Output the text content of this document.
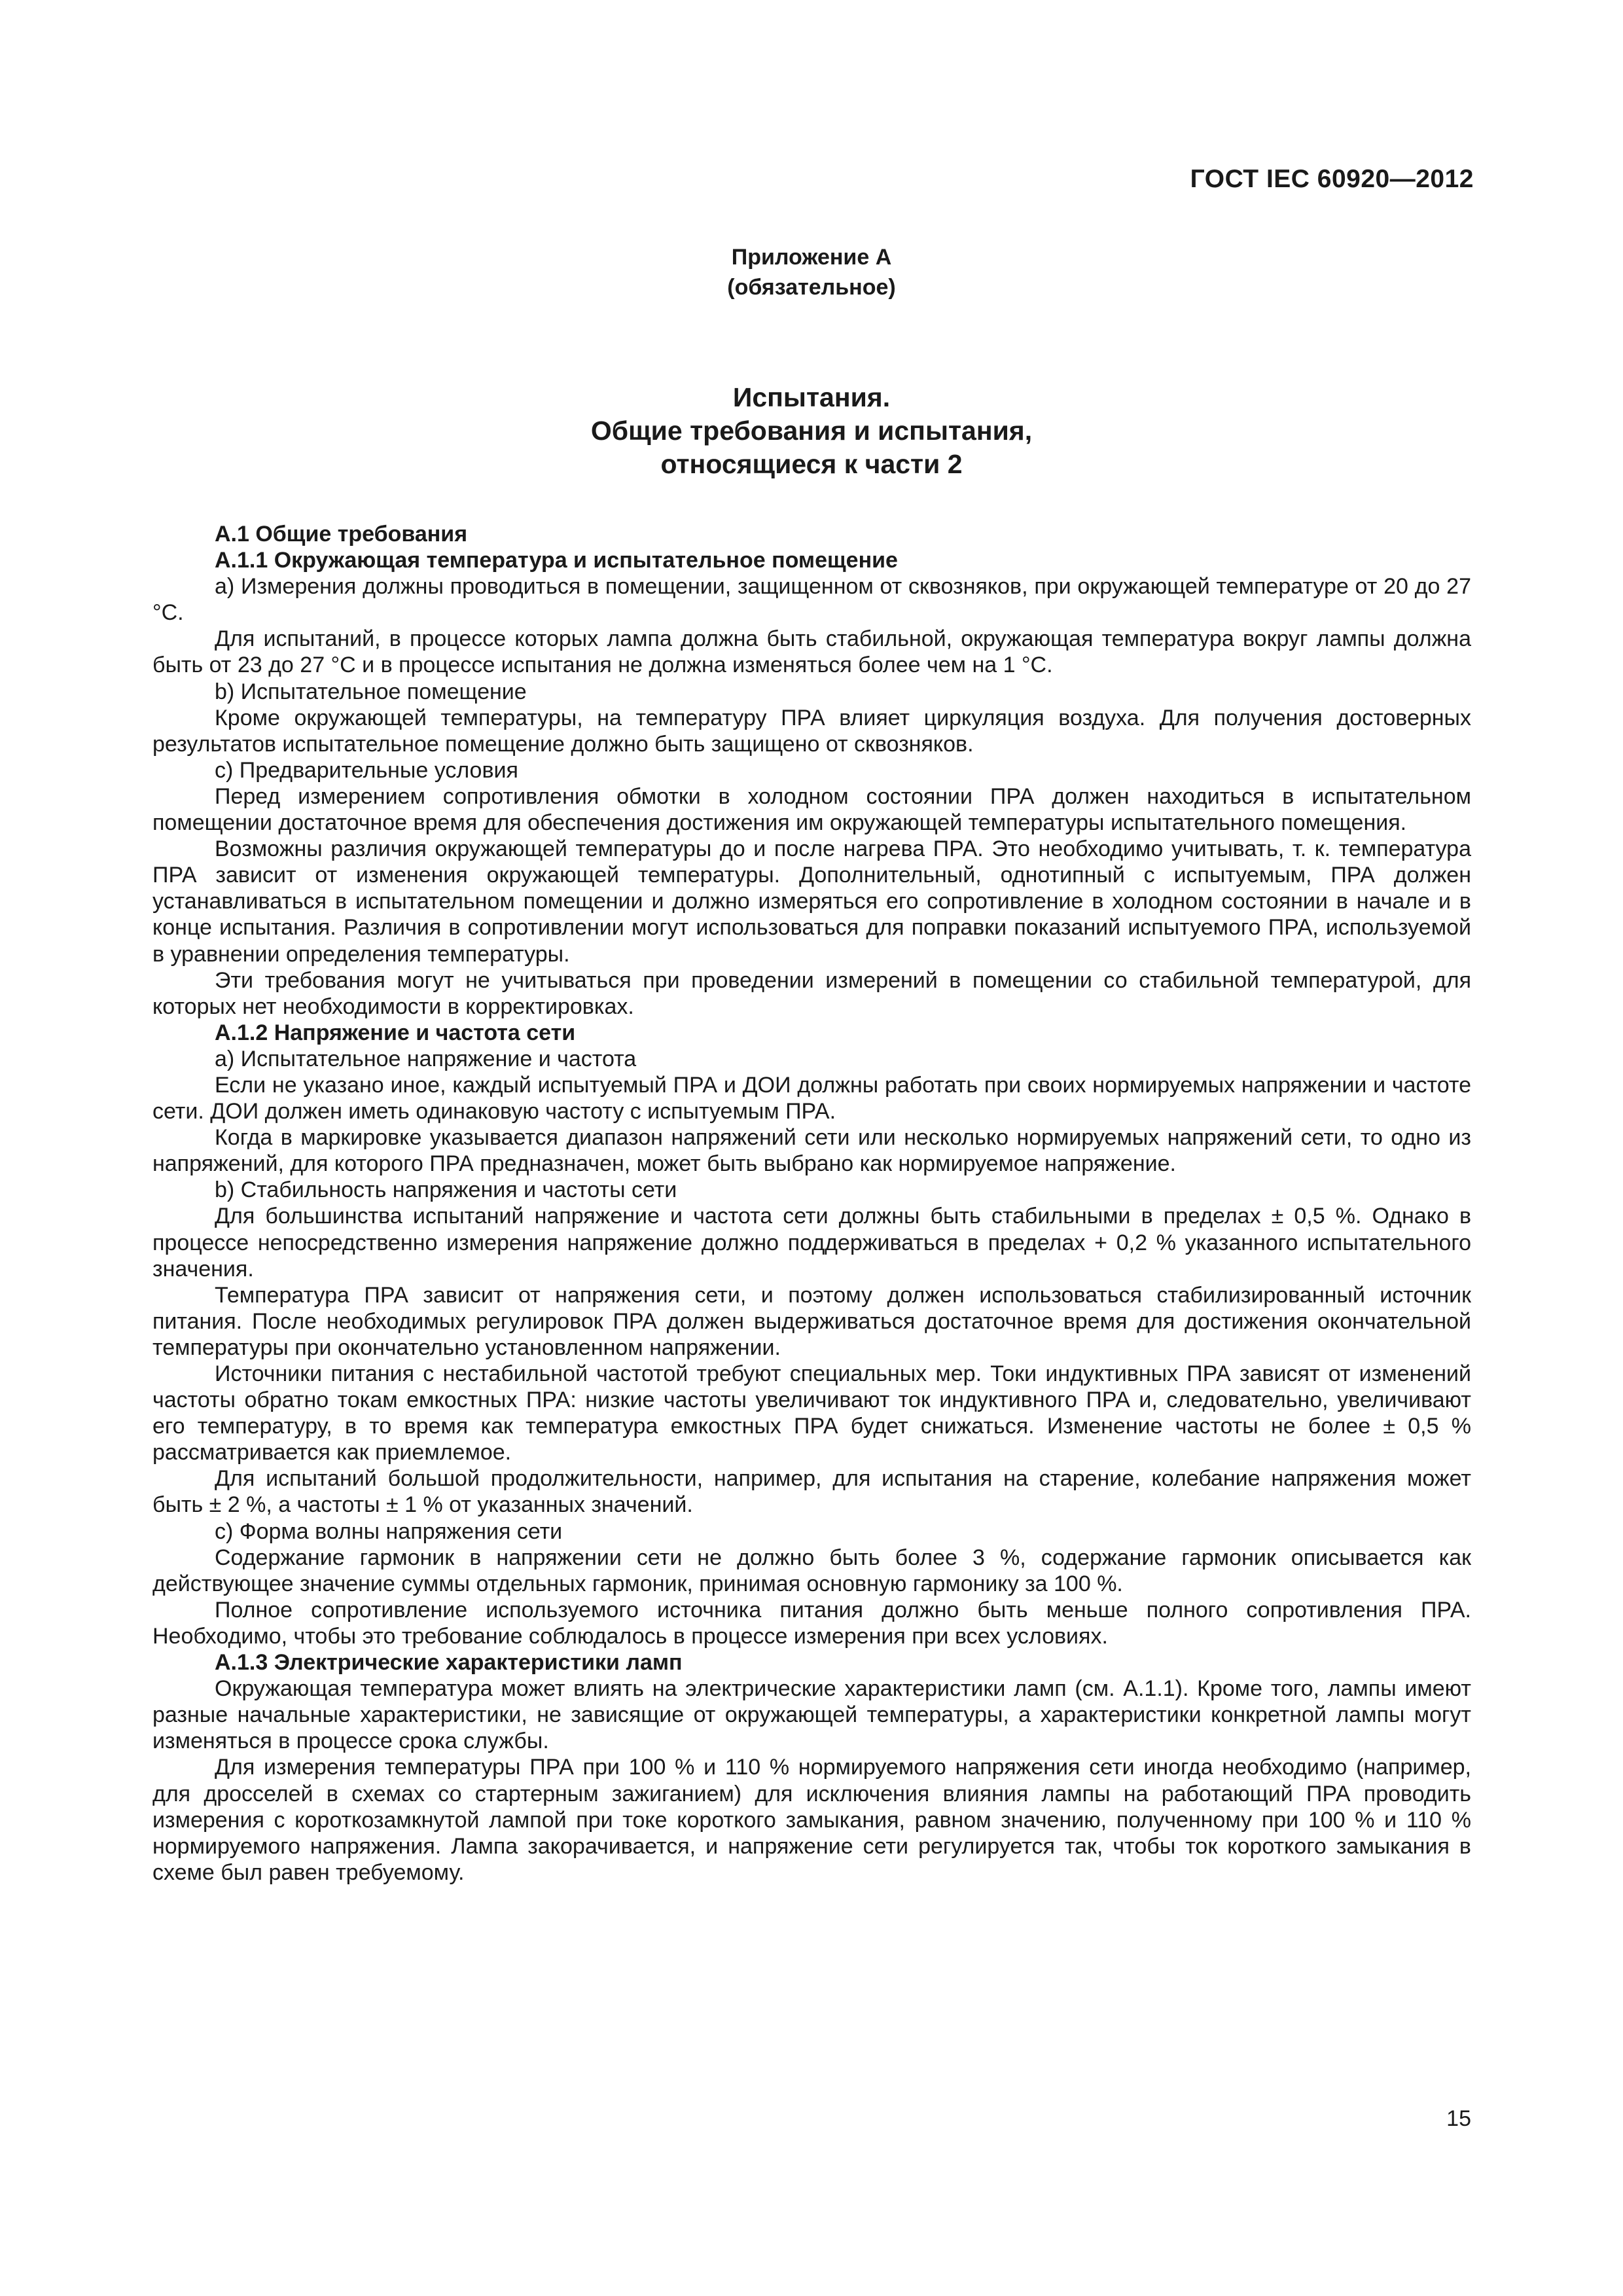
ГОСТ IEC 60920—2012
Приложение А
(обязательное)
Испытания.
Общие требования и испытания,
относящиеся к части 2

А.1 Общие требования

А.1.1 Окружающая температура и испытательное помещение

а) Измерения должны проводиться в помещении, защищенном от сквозняков, при окружающей температуре от 20 до 27 °С.

Для испытаний, в процессе которых лампа должна быть стабильной, окружающая температура вокруг лампы должна быть от 23 до 27 °С и в процессе испытания не должна изменяться более чем на 1 °С.

b) Испытательное помещение

Кроме окружающей температуры, на температуру ПРА влияет циркуляция воздуха. Для получения достоверных результатов испытательное помещение должно быть защищено от сквозняков.

c) Предварительные условия

Перед измерением сопротивления обмотки в холодном состоянии ПРА должен находиться в испытательном помещении достаточное время для обеспечения достижения им окружающей температуры испытательного помещения.

Возможны различия окружающей температуры до и после нагрева ПРА. Это необходимо учитывать, т. к. температура ПРА зависит от изменения окружающей температуры. Дополнительный, однотипный с испытуемым, ПРА должен устанавливаться в испытательном помещении и должно измеряться его сопротивление в холодном состоянии в начале и в конце испытания. Различия в сопротивлении могут использоваться для поправки показаний испытуемого ПРА, используемой в уравнении определения температуры.

Эти требования могут не учитываться при проведении измерений в помещении со стабильной температурой, для которых нет необходимости в корректировках.

А.1.2 Напряжение и частота сети

а) Испытательное напряжение и частота

Если не указано иное, каждый испытуемый ПРА и ДОИ должны работать при своих нормируемых напряжении и частоте сети. ДОИ должен иметь одинаковую частоту с испытуемым ПРА.

Когда в маркировке указывается диапазон напряжений сети или несколько нормируемых напряжений сети, то одно из напряжений, для которого ПРА предназначен, может быть выбрано как нормируемое напряжение.

b) Стабильность напряжения и частоты сети

Для большинства испытаний напряжение и частота сети должны быть стабильными в пределах ± 0,5 %. Однако в процессе непосредственно измерения напряжение должно поддерживаться в пределах + 0,2 % указанного испытательного значения.

Температура ПРА зависит от напряжения сети, и поэтому должен использоваться стабилизированный источник питания. После необходимых регулировок ПРА должен выдерживаться достаточное время для достижения окончательной температуры при окончательно установленном напряжении.

Источники питания с нестабильной частотой требуют специальных мер. Токи индуктивных ПРА зависят от изменений частоты обратно токам емкостных ПРА: низкие частоты увеличивают ток индуктивного ПРА и, следовательно, увеличивают его температуру, в то время как температура емкостных ПРА будет снижаться. Изменение частоты не более ± 0,5 % рассматривается как приемлемое.

Для испытаний большой продолжительности, например, для испытания на старение, колебание напряжения может быть ± 2 %, а частоты ± 1 % от указанных значений.

c) Форма волны напряжения сети

Содержание гармоник в напряжении сети не должно быть более 3 %, содержание гармоник описывается как действующее значение суммы отдельных гармоник, принимая основную гармонику за 100 %.

Полное сопротивление используемого источника питания должно быть меньше полного сопротивления ПРА. Необходимо, чтобы это требование соблюдалось в процессе измерения при всех условиях.

А.1.3 Электрические характеристики ламп

Окружающая температура может влиять на электрические характеристики ламп (см. А.1.1). Кроме того, лампы имеют разные начальные характеристики, не зависящие от окружающей температуры, а характеристики конкретной лампы могут изменяться в процессе срока службы.

Для измерения температуры ПРА при 100 % и 110 % нормируемого напряжения сети иногда необходимо (например, для дросселей в схемах со стартерным зажиганием) для исключения влияния лампы на работающий ПРА проводить измерения с короткозамкнутой лампой при токе короткого замыкания, равном значению, полученному при 100 % и 110 % нормируемого напряжения. Лампа закорачивается, и напряжение сети регулируется так, чтобы ток короткого замыкания в схеме был равен требуемому.

15
